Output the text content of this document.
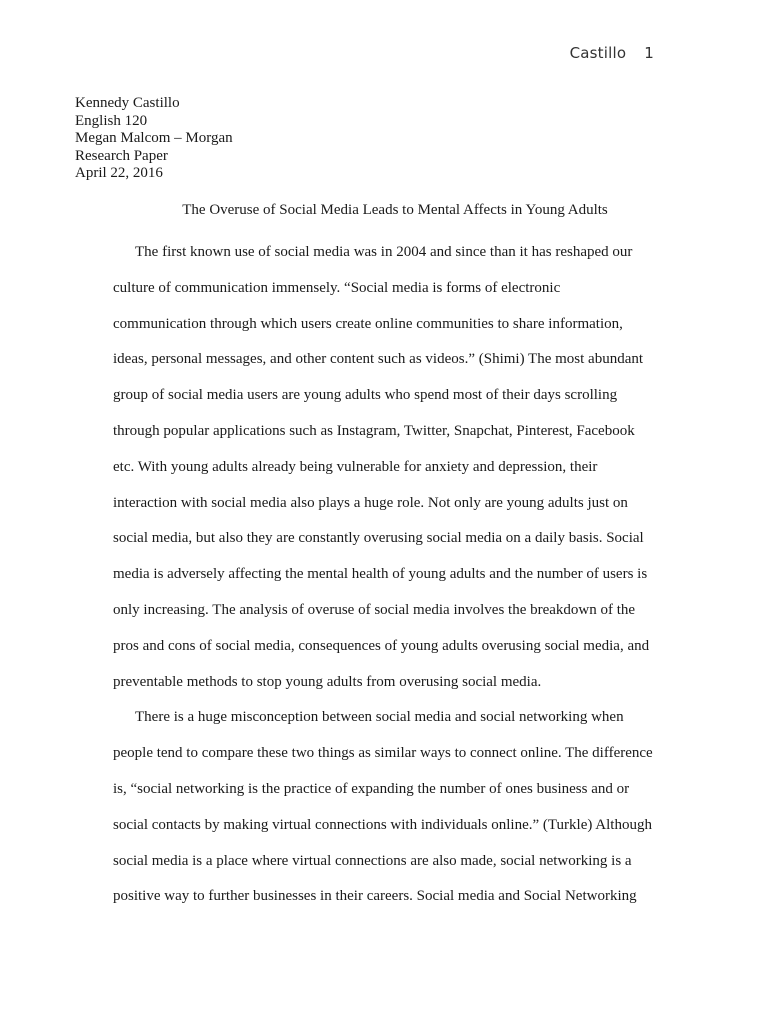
Castillo 1
Kennedy Castillo
English 120
Megan Malcom – Morgan
Research Paper
April 22, 2016
The Overuse of Social Media Leads to Mental Affects in Young Adults
The first known use of social media was in 2004 and since than it has reshaped our
culture of communication immensely. “Social media is forms of electronic
communication through which users create online communities to share information,
ideas, personal messages, and other content such as videos.” (Shimi) The most abundant
group of social media users are young adults who spend most of their days scrolling
through popular applications such as Instagram, Twitter, Snapchat, Pinterest, Facebook
etc. With young adults already being vulnerable for anxiety and depression, their
interaction with social media also plays a huge role. Not only are young adults just on
social media, but also they are constantly overusing social media on a daily basis. Social
media is adversely affecting the mental health of young adults and the number of users is
only increasing. The analysis of overuse of social media involves the breakdown of the
pros and cons of social media, consequences of young adults overusing social media, and
preventable methods to stop young adults from overusing social media.
There is a huge misconception between social media and social networking when
people tend to compare these two things as similar ways to connect online. The difference
is, “social networking is the practice of expanding the number of ones business and or
social contacts by making virtual connections with individuals online.” (Turkle) Although
social media is a place where virtual connections are also made, social networking is a
positive way to further businesses in their careers. Social media and Social Networking
